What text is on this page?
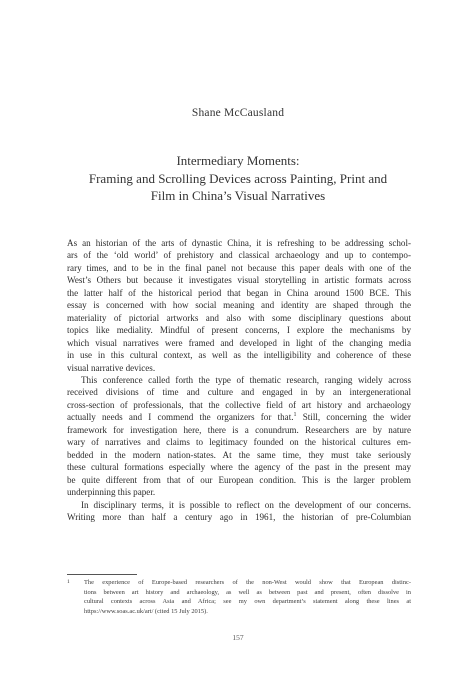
Shane McCausland
Intermediary Moments:
Framing and Scrolling Devices across Painting, Print and
Film in China’s Visual Narratives

As an historian of the arts of dynastic China, it is refreshing to be addressing schol-
ars of the ‘old world’ of prehistory and classical archaeology and up to contempo-
rary times, and to be in the final panel not because this paper deals with one of the
West’s Others but because it investigates visual storytelling in artistic formats across
the latter half of the historical period that began in China around 1500 BCE. This
essay is concerned with how social meaning and identity are shaped through the
materiality of pictorial artworks and also with some disciplinary questions about
topics like mediality. Mindful of present concerns, I explore the mechanisms by
which visual narratives were framed and developed in light of the changing media
in use in this cultural context, as well as the intelligibility and coherence of these
visual narrative devices.

This conference called forth the type of thematic research, ranging widely across
received divisions of time and culture and engaged in by an intergenerational
cross-section of professionals, that the collective field of art history and archaeology
actually needs and I commend the organizers for that.$^1$ Still, concerning the wider
framework for investigation here, there is a conundrum. Researchers are by nature
wary of narratives and claims to legitimacy founded on the historical cultures em-
bedded in the modern nation-states. At the same time, they must take seriously
these cultural formations especially where the agency of the past in the present may
be quite different from that of our European condition. This is the larger problem
underpinning this paper.

In disciplinary terms, it is possible to reflect on the development of our concerns.
Writing more than half a century ago in 1961, the historian of pre-Columbian

1 The experience of Europe-based researchers of the non-West would show that European distinc-
tions between art history and archaeology, as well as between past and present, often dissolve in
cultural contexts across Asia and Africa; see my own department’s statement along these lines at
https://www.soas.ac.uk/art/ (cited 15 July 2015).
157
